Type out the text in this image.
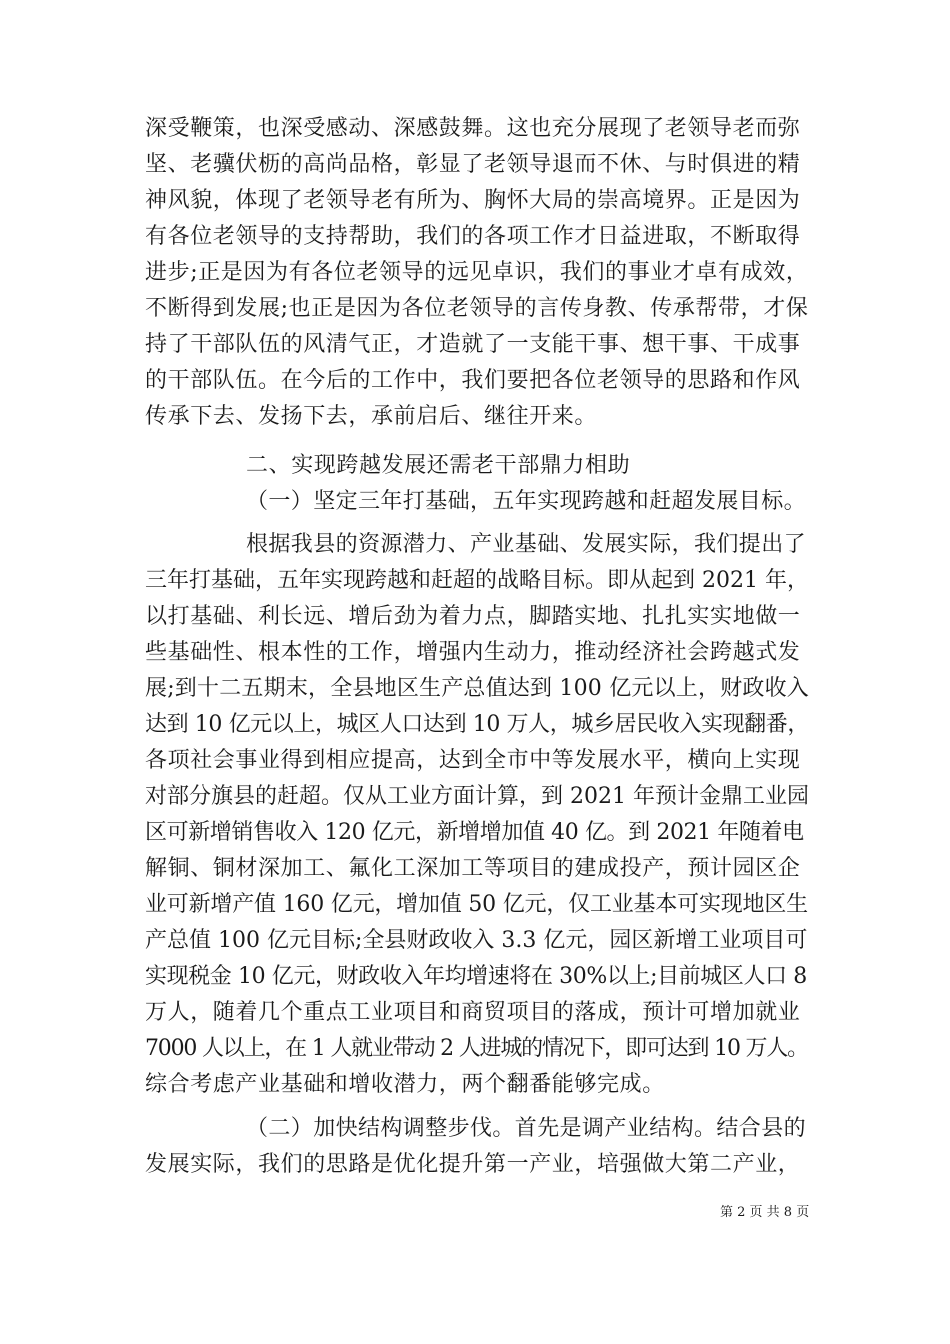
深受鞭策，也深受感动、深感鼓舞。这也充分展现了老领导老而弥
坚、老骥伏枥的高尚品格，彰显了老领导退而不休、与时俱进的精
神风貌，体现了老领导老有所为、胸怀大局的崇高境界。正是因为
有各位老领导的支持帮助，我们的各项工作才日益进取，不断取得
进步;正是因为有各位老领导的远见卓识，我们的事业才卓有成效，
不断得到发展;也正是因为各位老领导的言传身教、传承帮带，才保
持了干部队伍的风清气正，才造就了一支能干事、想干事、干成事
的干部队伍。在今后的工作中，我们要把各位老领导的思路和作风
传承下去、发扬下去，承前启后、继往开来。
二、实现跨越发展还需老干部鼎力相助
（一）坚定三年打基础，五年实现跨越和赶超发展目标。
根据我县的资源潜力、产业基础、发展实际，我们提出了
三年打基础，五年实现跨越和赶超的战略目标。即从起到 2021 年，
以打基础、利长远、增后劲为着力点，脚踏实地、扎扎实实地做一
些基础性、根本性的工作，增强内生动力，推动经济社会跨越式发
展;到十二五期末，全县地区生产总值达到 100 亿元以上，财政收入
达到 10 亿元以上，城区人口达到 10 万人，城乡居民收入实现翻番，
各项社会事业得到相应提高，达到全市中等发展水平，横向上实现
对部分旗县的赶超。仅从工业方面计算，到 2021 年预计金鼎工业园
区可新增销售收入 120 亿元，新增增加值 40 亿。到 2021 年随着电
解铜、铜材深加工、氟化工深加工等项目的建成投产，预计园区企
业可新增产值 160 亿元，增加值 50 亿元，仅工业基本可实现地区生
产总值 100 亿元目标;全县财政收入 3.3 亿元，园区新增工业项目可
实现税金 10 亿元，财政收入年均增速将在 30%以上;目前城区人口 8
万人，随着几个重点工业项目和商贸项目的落成，预计可增加就业
7000 人以上，在 1 人就业带动 2 人进城的情况下，即可达到 10 万人。
综合考虑产业基础和增收潜力，两个翻番能够完成。
（二）加快结构调整步伐。首先是调产业结构。结合县的
发展实际，我们的思路是优化提升第一产业，培强做大第二产业，
第 2 页 共 8 页
